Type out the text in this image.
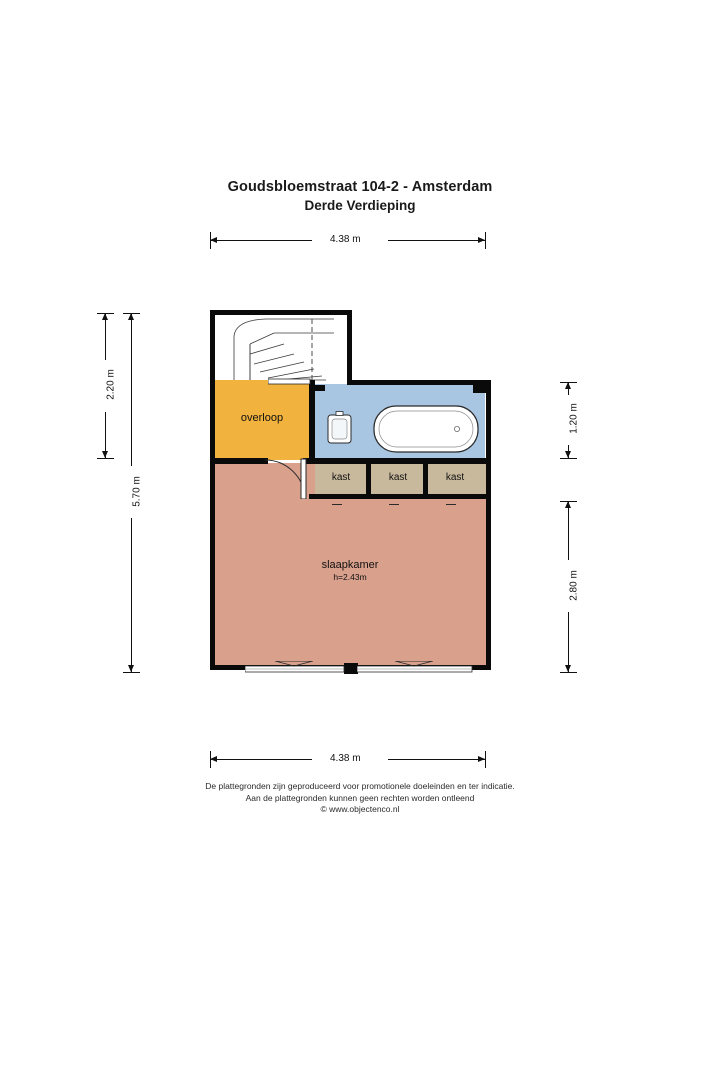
Goudsbloemstraat 104-2 - Amsterdam
Derde Verdieping
4.38 m
4.38 m
2.20 m
5.70 m
1.20 m
2.80 m
overloop
slaapkamer
h=2.43m
kast	kast	kast
De plattegronden zijn geproduceerd voor promotionele doeleinden en ter indicatie.
Aan de plattegronden kunnen geen rechten worden ontleend
© www.objectenco.nl
